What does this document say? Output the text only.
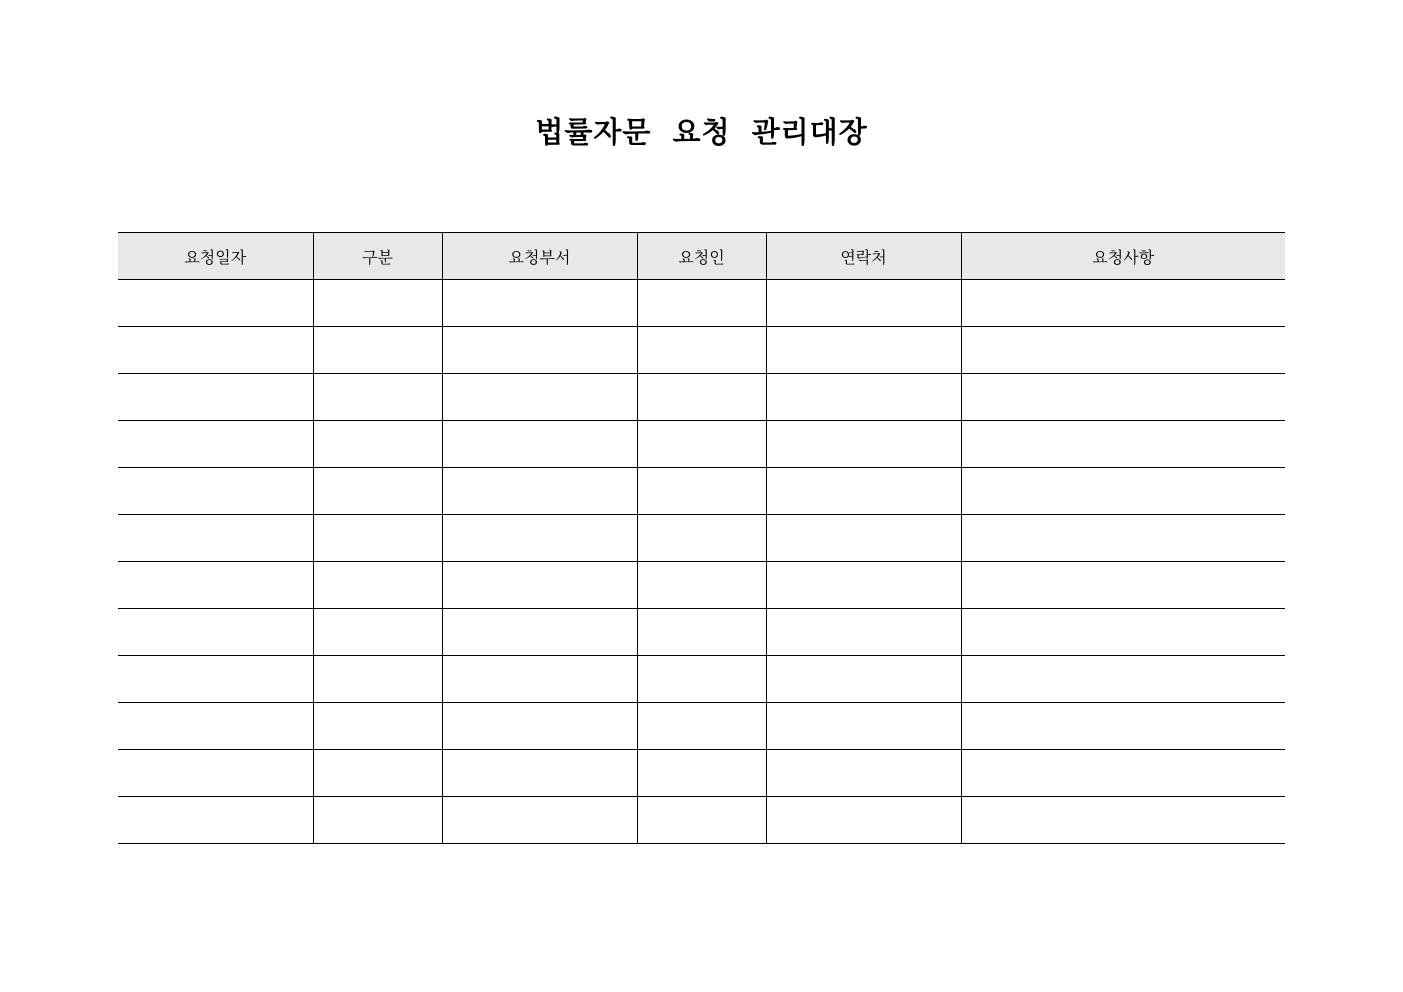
법률자문 요청 관리대장
요청일자	구분	요청부서	요청인	연락처	요청사항
